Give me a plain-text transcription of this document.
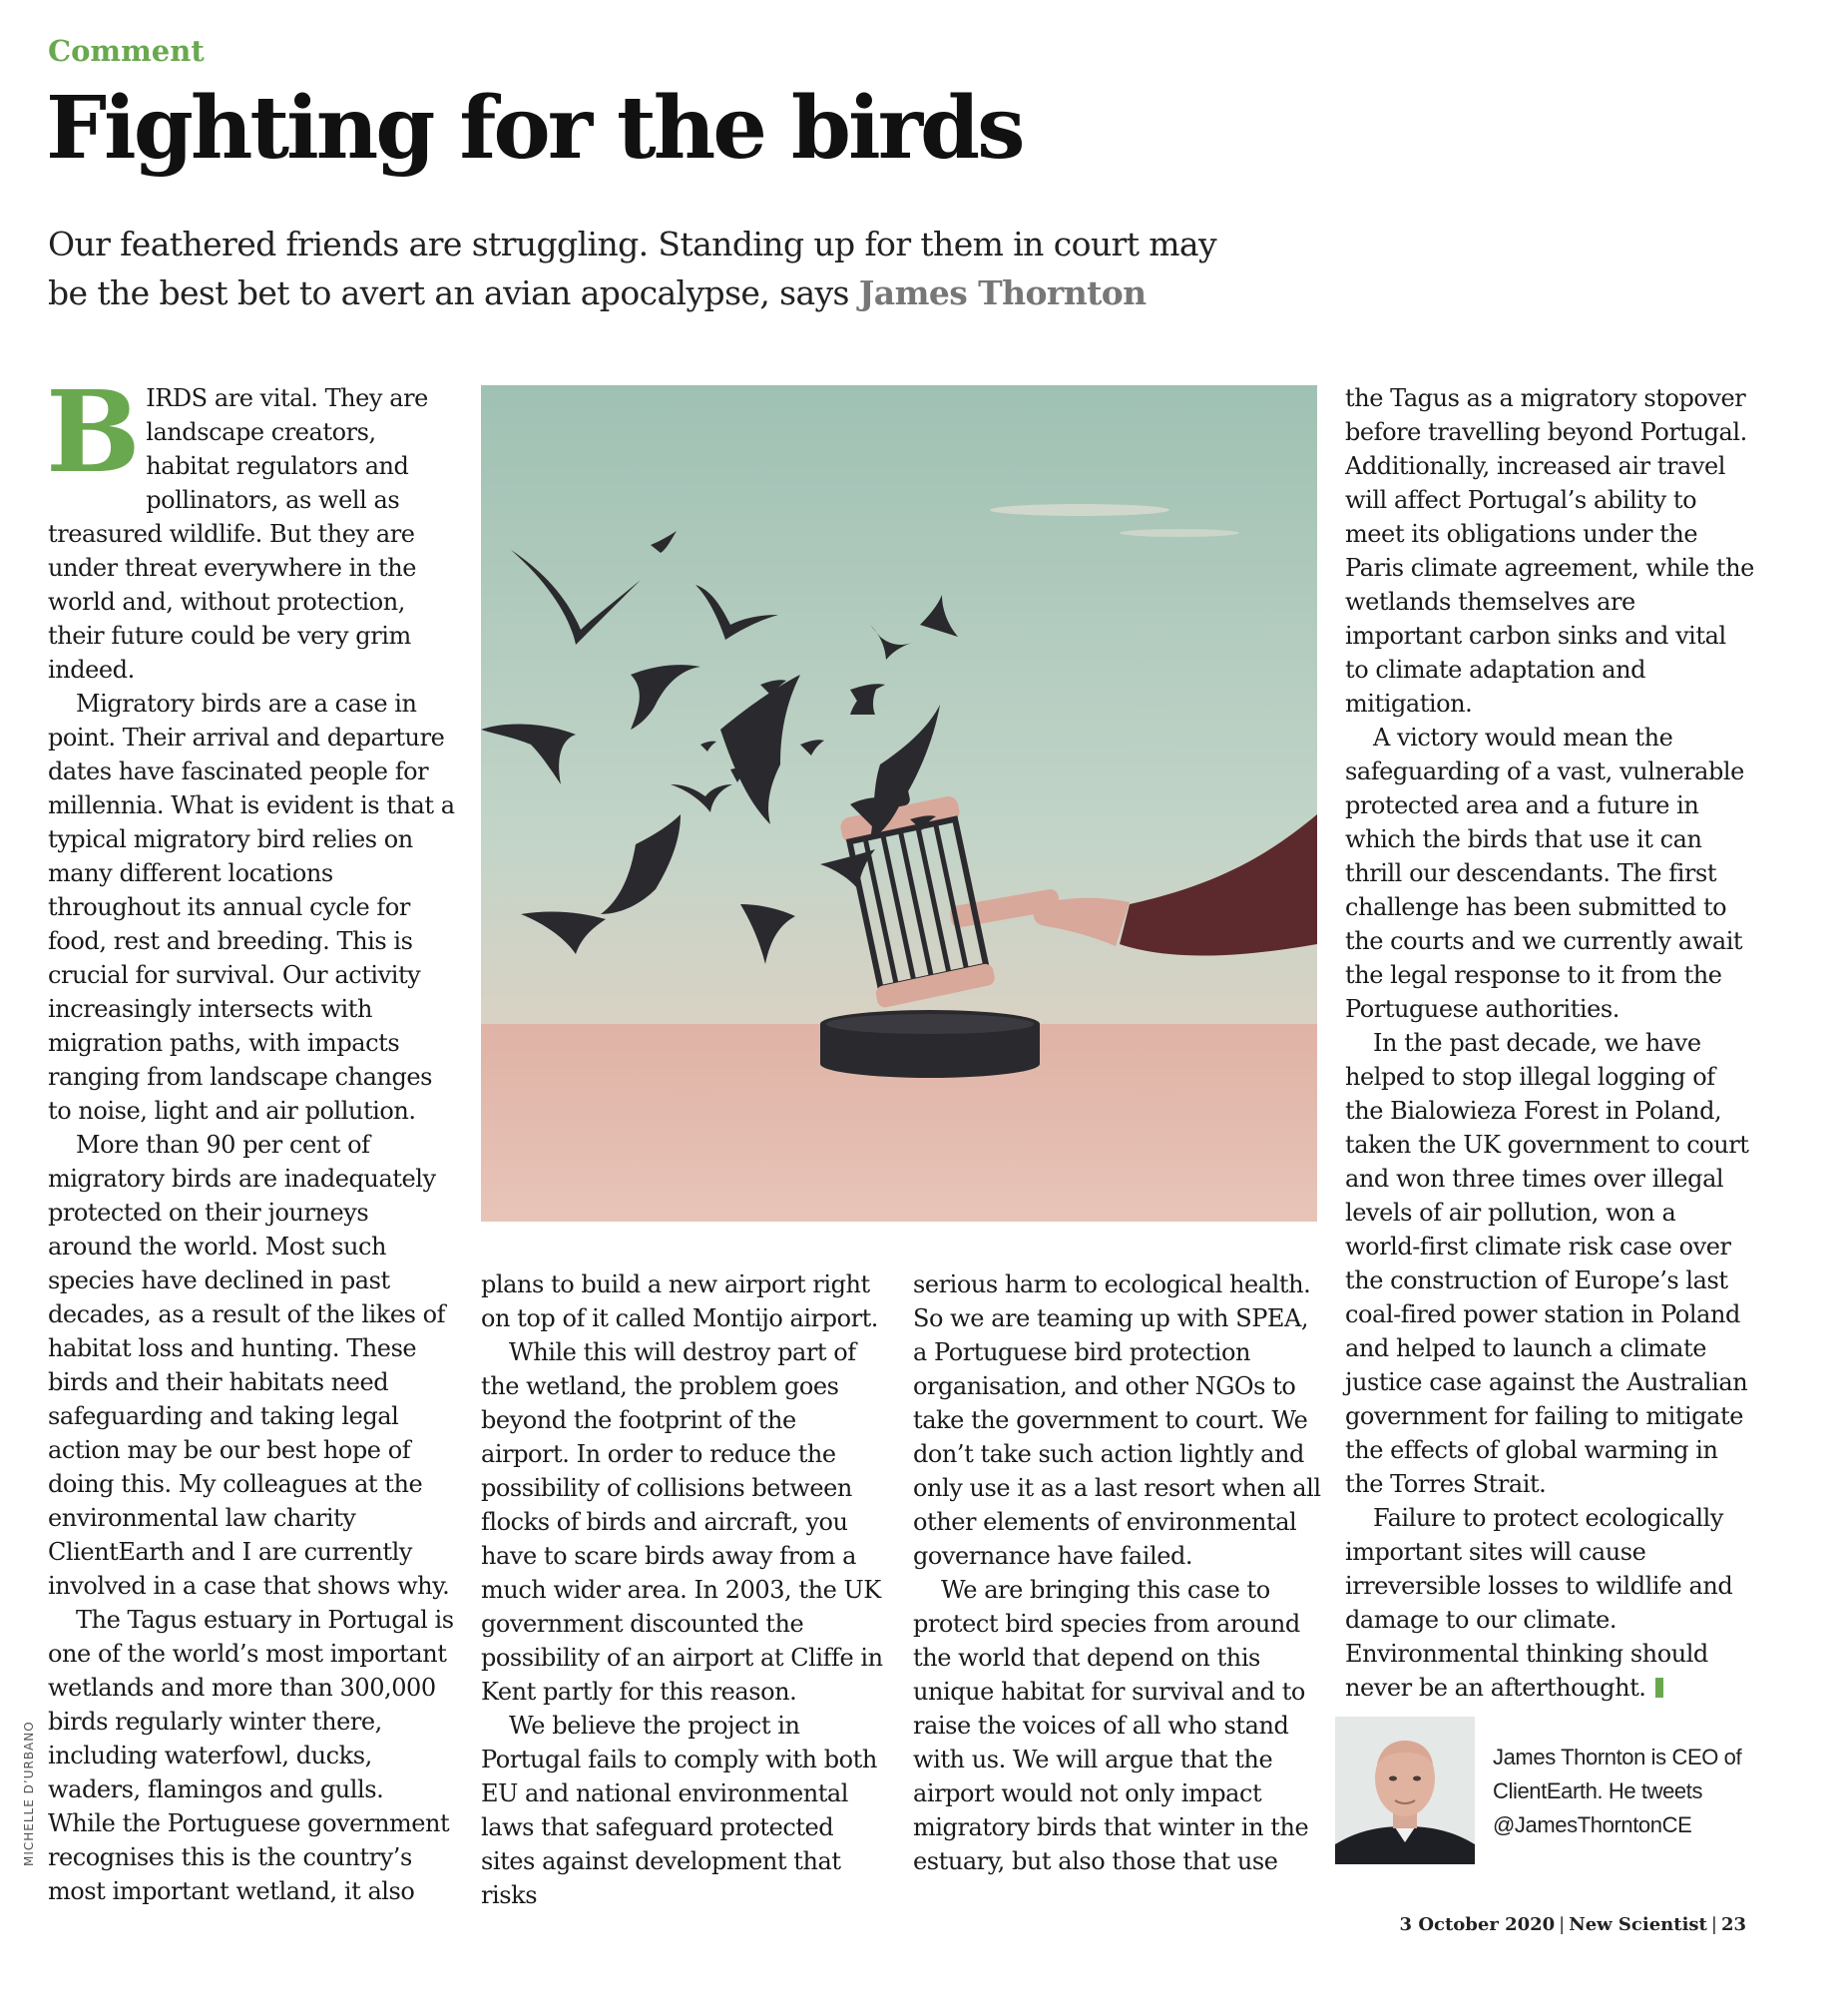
Comment
Fighting for the birds

Our feathered friends are struggling. Standing up for them in court may be the best bet to avert an avian apocalypse, says James Thornton

BIRDS are vital. They are landscape creators, habitat regulators and pollinators, as well as treasured wildlife. But they are under threat everywhere in the world and, without protection, their future could be very grim indeed.

Migratory birds are a case in point. Their arrival and departure dates have fascinated people for millennia. What is evident is that a typical migratory bird relies on many different locations throughout its annual cycle for food, rest and breeding. This is crucial for survival. Our activity increasingly intersects with migration paths, with impacts ranging from landscape changes to noise, light and air pollution.

More than 90 per cent of migratory birds are inadequately protected on their journeys around the world. Most such species have declined in past decades, as a result of the likes of habitat loss and hunting. These birds and their habitats need safeguarding and taking legal action may be our best hope of doing this. My colleagues at the environmental law charity ClientEarth and I are currently involved in a case that shows why.

The Tagus estuary in Portugal is one of the world’s most important wetlands and more than 300,000 birds regularly winter there, including waterfowl, ducks, waders, flamingos and gulls. While the Portuguese government recognises this is the country’s most important wetland, it also

plans to build a new airport right on top of it called Montijo airport.

While this will destroy part of the wetland, the problem goes beyond the footprint of the airport. In order to reduce the possibility of collisions between flocks of birds and aircraft, you have to scare birds away from a much wider area. In 2003, the UK government discounted the possibility of an airport at Cliffe in Kent partly for this reason.

We believe the project in Portugal fails to comply with both EU and national environmental laws that safeguard protected sites against development that risks

serious harm to ecological health. So we are teaming up with SPEA, a Portuguese bird protection organisation, and other NGOs to take the government to court. We don’t take such action lightly and only use it as a last resort when all other elements of environmental governance have failed.

We are bringing this case to protect bird species from around the world that depend on this unique habitat for survival and to raise the voices of all who stand with us. We will argue that the airport would not only impact migratory birds that winter in the estuary, but also those that use

the Tagus as a migratory stopover before travelling beyond Portugal. Additionally, increased air travel will affect Portugal’s ability to meet its obligations under the Paris climate agreement, while the wetlands themselves are important carbon sinks and vital to climate adaptation and mitigation.

A victory would mean the safeguarding of a vast, vulnerable protected area and a future in which the birds that use it can thrill our descendants. The first challenge has been submitted to the courts and we currently await the legal response to it from the Portuguese authorities.

In the past decade, we have helped to stop illegal logging of the Bialowieza Forest in Poland, taken the UK government to court and won three times over illegal levels of air pollution, won a world-first climate risk case over the construction of Europe’s last coal-fired power station in Poland and helped to launch a climate justice case against the Australian government for failing to mitigate the effects of global warming in the Torres Strait.

Failure to protect ecologically important sites will cause irreversible losses to wildlife and damage to our climate. Environmental thinking should never be an afterthought.

MICHELLE D’URBANO	James Thornton is CEO of ClientEarth. He tweets @JamesThorntonCE

3 October 2020 | New Scientist | 23
